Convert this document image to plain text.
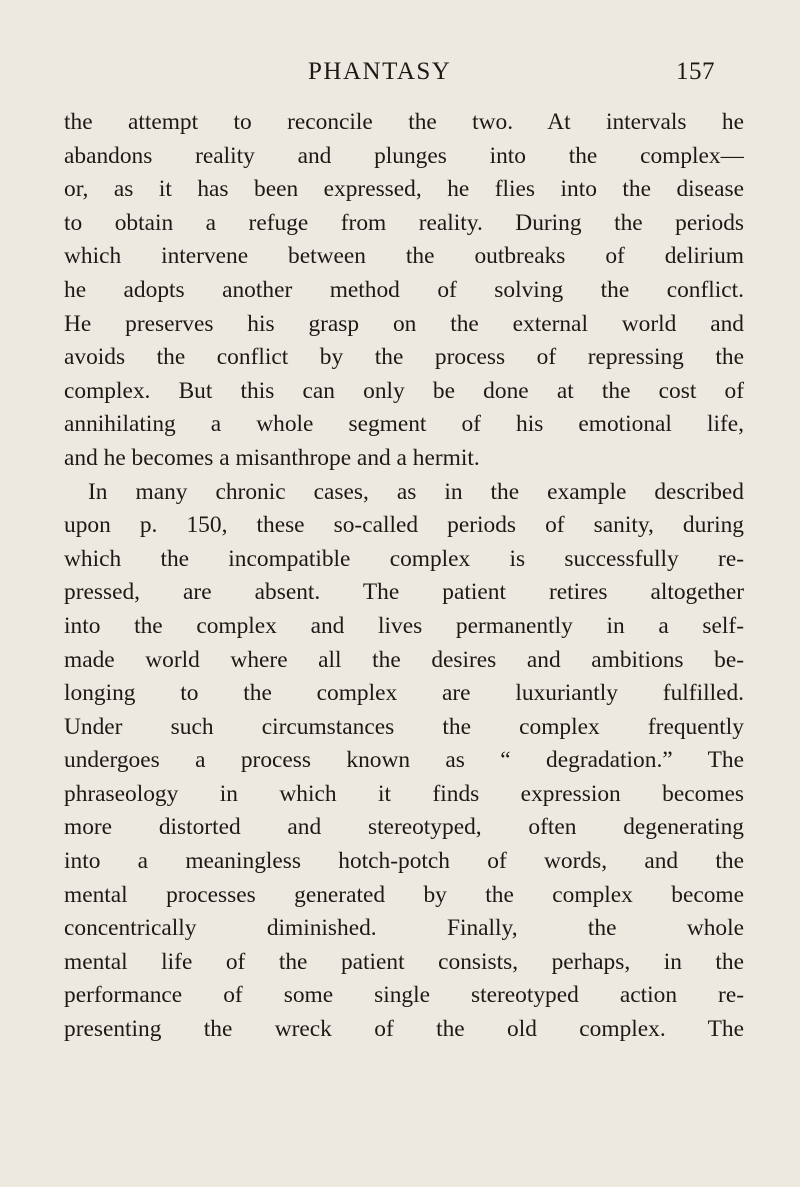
PHANTASY	157
the attempt to reconcile the two. At intervals he
abandons reality and plunges into the complex—
or, as it has been expressed, he flies into the disease
to obtain a refuge from reality. During the periods
which intervene between the outbreaks of delirium
he adopts another method of solving the conflict.
He preserves his grasp on the external world and
avoids the conflict by the process of repressing the
complex. But this can only be done at the cost of
annihilating a whole segment of his emotional life,
and he becomes a misanthrope and a hermit.
In many chronic cases, as in the example described
upon p. 150, these so-called periods of sanity, during
which the incompatible complex is successfully re-
pressed, are absent. The patient retires altogether
into the complex and lives permanently in a self-
made world where all the desires and ambitions be-
longing to the complex are luxuriantly fulfilled.
Under such circumstances the complex frequently
undergoes a process known as “ degradation.” The
phraseology in which it finds expression becomes
more distorted and stereotyped, often degenerating
into a meaningless hotch-potch of words, and the
mental processes generated by the complex become
concentrically diminished. Finally, the whole
mental life of the patient consists, perhaps, in the
performance of some single stereotyped action re-
presenting the wreck of the old complex. The
